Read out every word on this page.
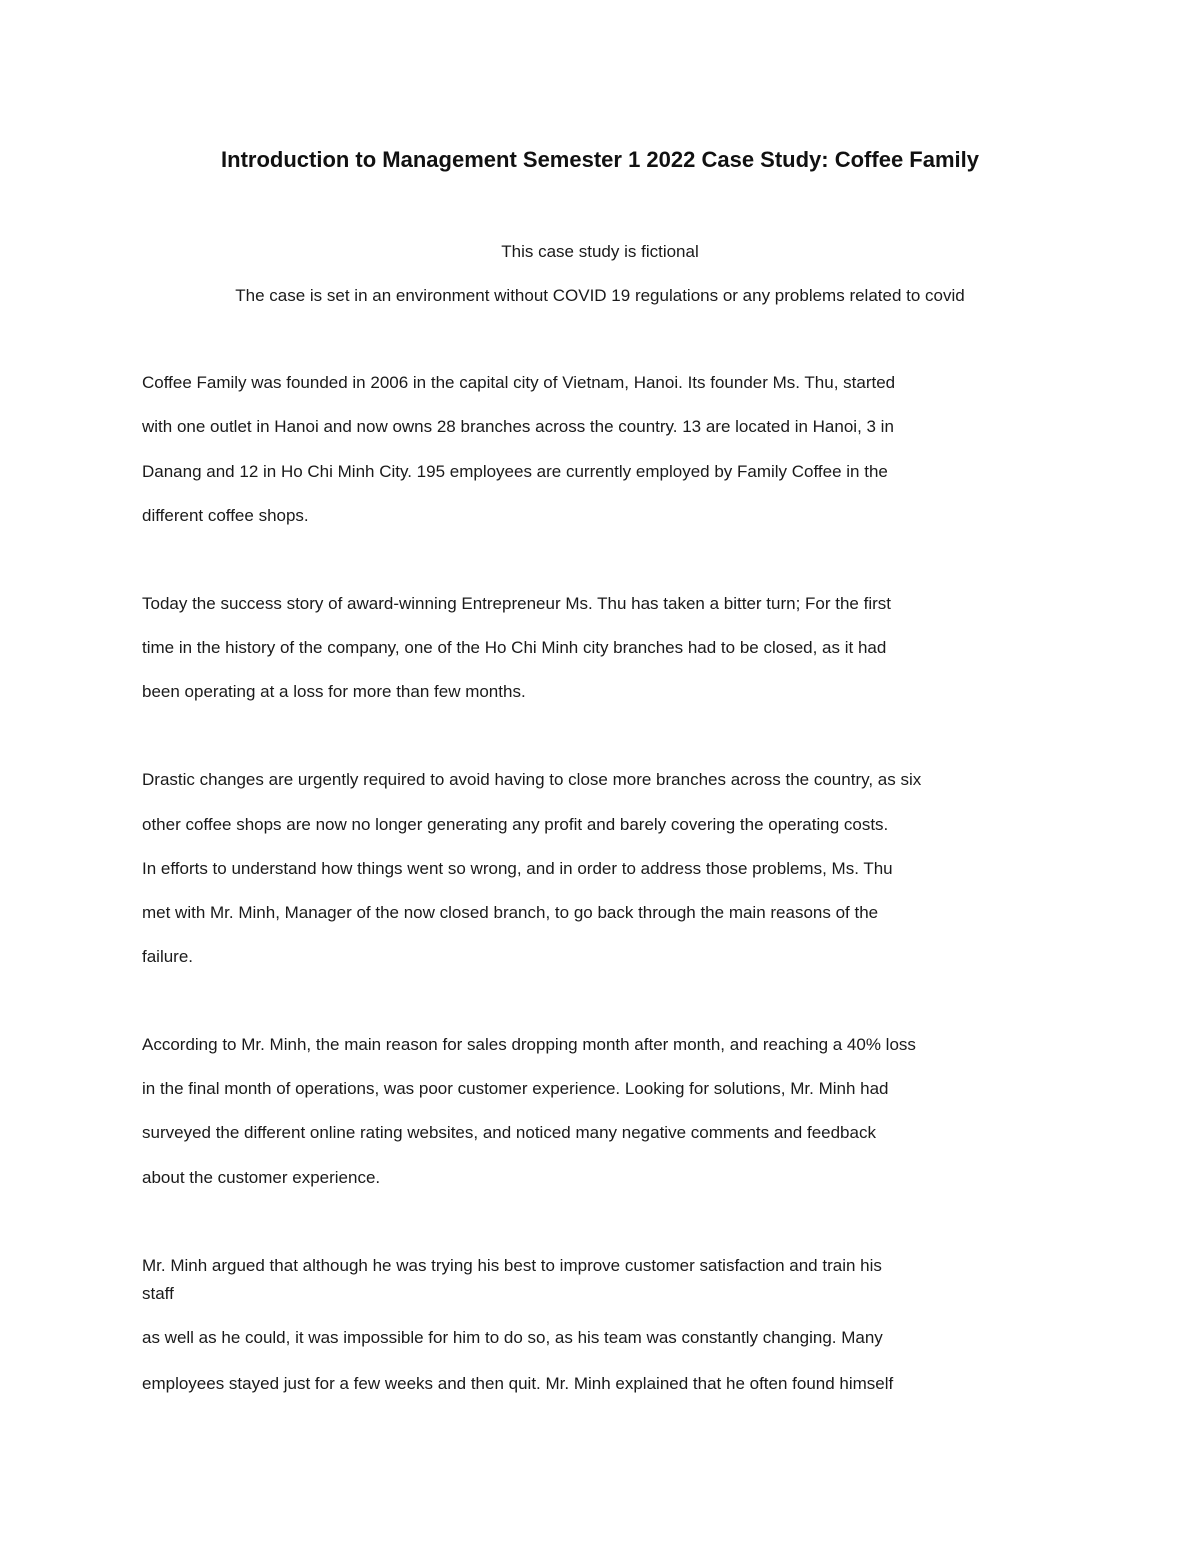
Introduction to Management Semester 1 2022 Case Study: Coffee Family
This case study is fictional
The case is set in an environment without COVID 19 regulations or any problems related to covid
Coffee Family was founded in 2006 in the capital city of Vietnam, Hanoi. Its founder Ms. Thu, started
with one outlet in Hanoi and now owns 28 branches across the country. 13 are located in Hanoi, 3 in
Danang and 12 in Ho Chi Minh City. 195 employees are currently employed by Family Coffee in the
different coffee shops.
Today the success story of award-winning Entrepreneur Ms. Thu has taken a bitter turn; For the first
time in the history of the company, one of the Ho Chi Minh city branches had to be closed, as it had
been operating at a loss for more than few months.
Drastic changes are urgently required to avoid having to close more branches across the country, as six
other coffee shops are now no longer generating any profit and barely covering the operating costs.
In efforts to understand how things went so wrong, and in order to address those problems, Ms. Thu
met with Mr. Minh, Manager of the now closed branch, to go back through the main reasons of the
failure.
According to Mr. Minh, the main reason for sales dropping month after month, and reaching a 40% loss
in the final month of operations, was poor customer experience. Looking for solutions, Mr. Minh had
surveyed the different online rating websites, and noticed many negative comments and feedback
about the customer experience.
Mr. Minh argued that although he was trying his best to improve customer satisfaction and train his
staff
as well as he could, it was impossible for him to do so, as his team was constantly changing. Many
employees stayed just for a few weeks and then quit. Mr. Minh explained that he often found himself
